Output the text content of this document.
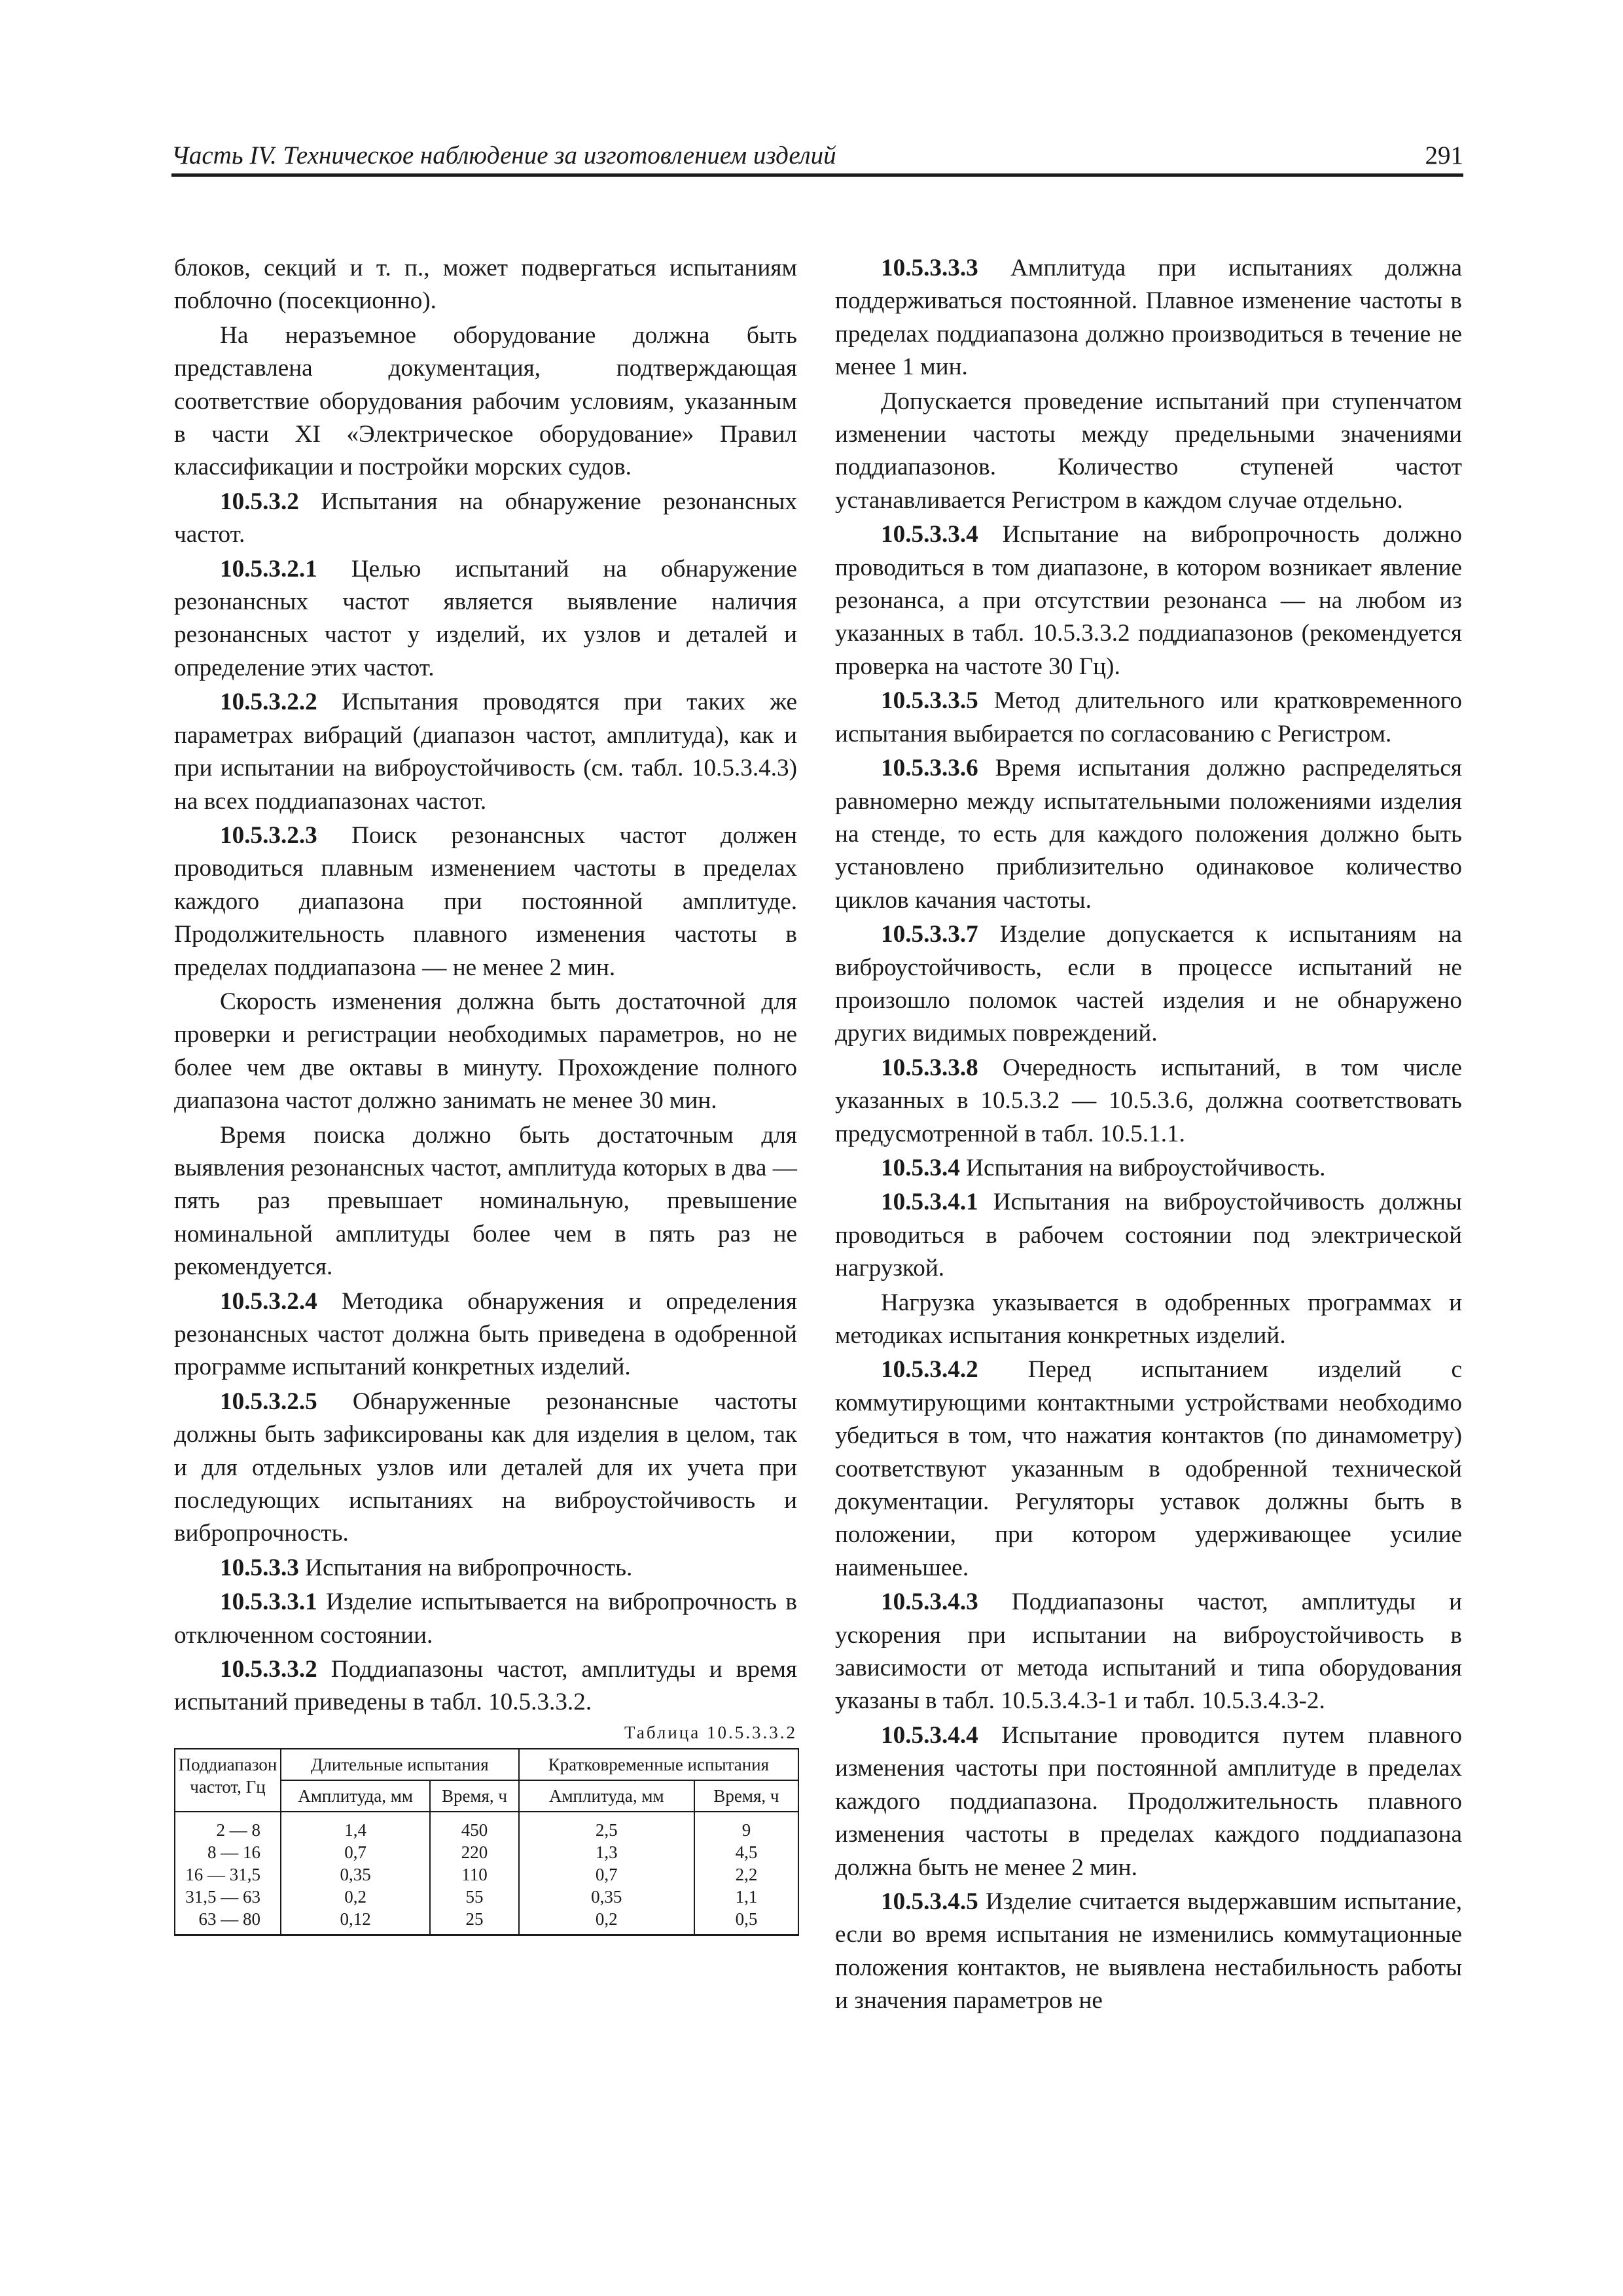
Часть IV. Техническое наблюдение за изготовлением изделий	291

блоков, секций и т. п., может подвергаться испытаниям поблочно (посекционно).

На неразъемное оборудование должна быть представлена документация, подтверждающая соответствие оборудования рабочим условиям, указанным в части XI «Электрическое оборудование» Правил классификации и постройки морских судов.

10.5.3.2 Испытания на обнаружение резонансных частот.

10.5.3.2.1 Целью испытаний на обнаружение резонансных частот является выявление наличия резонансных частот у изделий, их узлов и деталей и определение этих частот.

10.5.3.2.2 Испытания проводятся при таких же параметрах вибраций (диапазон частот, амплитуда), как и при испытании на виброустойчивость (см. табл. 10.5.3.4.3) на всех поддиапазонах частот.

10.5.3.2.3 Поиск резонансных частот должен проводиться плавным изменением частоты в пределах каждого диапазона при постоянной амплитуде. Продолжительность плавного изменения частоты в пределах поддиапазона — не менее 2 мин.

Скорость изменения должна быть достаточной для проверки и регистрации необходимых параметров, но не более чем две октавы в минуту. Прохождение полного диапазона частот должно занимать не менее 30 мин.

Время поиска должно быть достаточным для выявления резонансных частот, амплитуда которых в два — пять раз превышает номинальную, превышение номинальной амплитуды более чем в пять раз не рекомендуется.

10.5.3.2.4 Методика обнаружения и определения резонансных частот должна быть приведена в одобренной программе испытаний конкретных изделий.

10.5.3.2.5 Обнаруженные резонансные частоты должны быть зафиксированы как для изделия в целом, так и для отдельных узлов или деталей для их учета при последующих испытаниях на виброустойчивость и вибропрочность.

10.5.3.3 Испытания на вибропрочность.

10.5.3.3.1 Изделие испытывается на вибропрочность в отключенном состоянии.

10.5.3.3.2 Поддиапазоны частот, амплитуды и время испытаний приведены в табл. 10.5.3.3.2.

Таблица 10.5.3.3.2

Поддиапазон частот, Гц	Длительные испытания		Кратковременные испытания	
	Амплитуда, мм	Время, ч	Амплитуда, мм	Время, ч
2 — 8	1,4	450	2,5	9
8 — 16	0,7	220	1,3	4,5
16 — 31,5	0,35	110	0,7	2,2
31,5 — 63	0,2	55	0,35	1,1
63 — 80	0,12	25	0,2	0,5

10.5.3.3.3 Амплитуда при испытаниях должна поддерживаться постоянной. Плавное изменение частоты в пределах поддиапазона должно производиться в течение не менее 1 мин.

Допускается проведение испытаний при ступенчатом изменении частоты между предельными значениями поддиапазонов. Количество ступеней частот устанавливается Регистром в каждом случае отдельно.

10.5.3.3.4 Испытание на вибропрочность должно проводиться в том диапазоне, в котором возникает явление резонанса, а при отсутствии резонанса — на любом из указанных в табл. 10.5.3.3.2 поддиапазонов (рекомендуется проверка на частоте 30 Гц).

10.5.3.3.5 Метод длительного или кратковременного испытания выбирается по согласованию с Регистром.

10.5.3.3.6 Время испытания должно распределяться равномерно между испытательными положениями изделия на стенде, то есть для каждого положения должно быть установлено приблизительно одинаковое количество циклов качания частоты.

10.5.3.3.7 Изделие допускается к испытаниям на виброустойчивость, если в процессе испытаний не произошло поломок частей изделия и не обнаружено других видимых повреждений.

10.5.3.3.8 Очередность испытаний, в том числе указанных в 10.5.3.2 — 10.5.3.6, должна соответствовать предусмотренной в табл. 10.5.1.1.

10.5.3.4 Испытания на виброустойчивость.

10.5.3.4.1 Испытания на виброустойчивость должны проводиться в рабочем состоянии под электрической нагрузкой.

Нагрузка указывается в одобренных программах и методиках испытания конкретных изделий.

10.5.3.4.2 Перед испытанием изделий с коммутирующими контактными устройствами необходимо убедиться в том, что нажатия контактов (по динамометру) соответствуют указанным в одобренной технической документации. Регуляторы уставок должны быть в положении, при котором удерживающее усилие наименьшее.

10.5.3.4.3 Поддиапазоны частот, амплитуды и ускорения при испытании на виброустойчивость в зависимости от метода испытаний и типа оборудования указаны в табл. 10.5.3.4.3-1 и табл. 10.5.3.4.3-2.

10.5.3.4.4 Испытание проводится путем плавного изменения частоты при постоянной амплитуде в пределах каждого поддиапазона. Продолжительность плавного изменения частоты в пределах каждого поддиапазона должна быть не менее 2 мин.

10.5.3.4.5 Изделие считается выдержавшим испытание, если во время испытания не изменились коммутационные положения контактов, не выявлена нестабильность работы и значения параметров не
